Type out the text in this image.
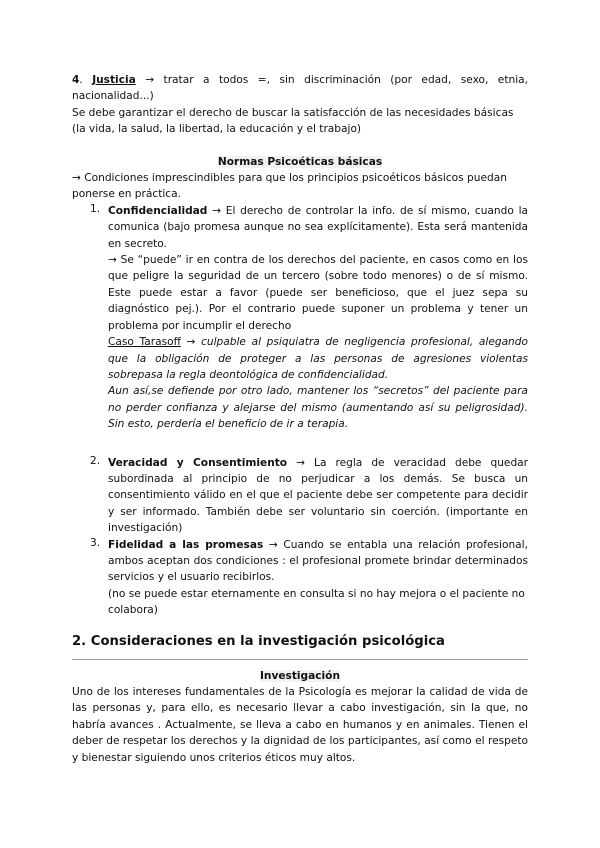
4. Justicia → tratar a todos =, sin discriminación (por edad, sexo, etnia, nacionalidad...)

Se debe garantizar el derecho de buscar la satisfacción de las necesidades básicas (la vida, la salud, la libertad, la educación y el trabajo)

Normas Psicoéticas básicas

→ Condiciones imprescindibles para que los principios psicoéticos básicos puedan ponerse en práctica.

1. Confidencialidad → El derecho de controlar la info. de sí mismo, cuando la comunica (bajo promesa aunque no sea explícitamente). Esta será mantenida en secreto.

→ Se “puede” ir en contra de los derechos del paciente, en casos como en los que peligre la seguridad de un tercero (sobre todo menores) o de sí mismo. Este puede estar a favor (puede ser beneficioso, que el juez sepa su diagnóstico pej.). Por el contrario puede suponer un problema y tener un problema por incumplir el derecho

Caso Tarasoff → culpable al psiquiatra de negligencia profesional, alegando que la obligación de proteger a las personas de agresiones violentas sobrepasa la regla deontológica de confidencialidad.

Aun así,se defiende por otro lado, mantener los “secretos” del paciente para no perder confianza y alejarse del mismo (aumentando así su peligrosidad). Sin esto, perdería el beneficio de ir a terapia.

2. Veracidad y Consentimiento → La regla de veracidad debe quedar subordinada al principio de no perjudicar a los demás. Se busca un consentimiento válido en el que el paciente debe ser competente para decidir y ser informado. También debe ser voluntario sin coerción. (importante en investigación)

3. Fidelidad a las promesas → Cuando se entabla una relación profesional, ambos aceptan dos condiciones : el profesional promete brindar determinados servicios y el usuario recibirlos.

(no se puede estar eternamente en consulta si no hay mejora o el paciente no colabora)

2. Consideraciones en la investigación psicológica

Investigación

Uno de los intereses fundamentales de la Psicología es mejorar la calidad de vida de las personas y, para ello, es necesario llevar a cabo investigación, sin la que, no habría avances . Actualmente, se lleva a cabo en humanos y en animales. Tienen el deber de respetar los derechos y la dignidad de los participantes, así como el respeto y bienestar siguiendo unos criterios éticos muy altos.
